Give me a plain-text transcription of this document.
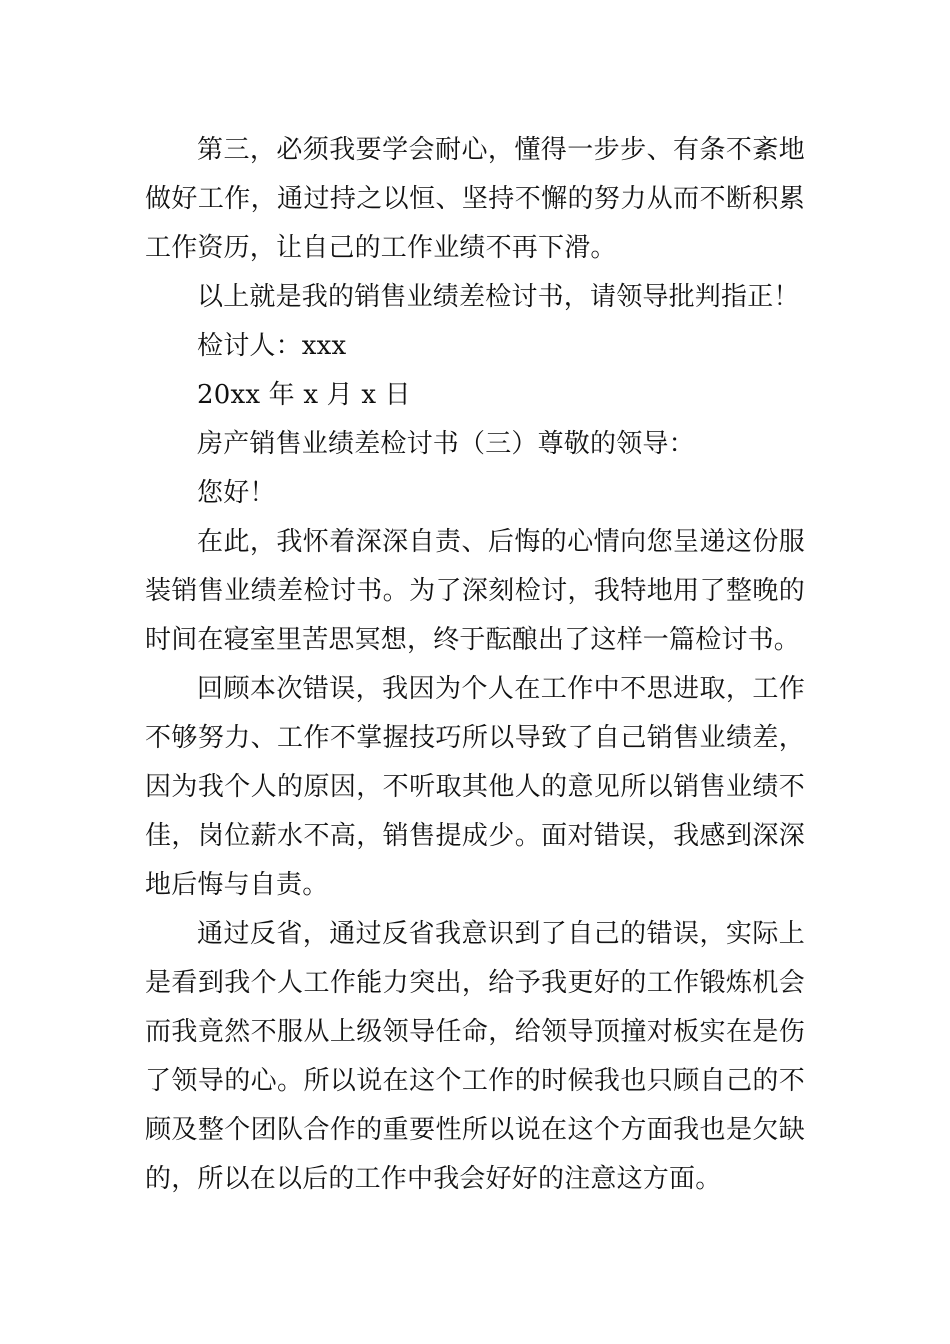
第三，必须我要学会耐心，懂得一步步、有条不紊地做好工作，通过持之以恒、坚持不懈的努力从而不断积累工作资历，让自己的工作业绩不再下滑。

以上就是我的销售业绩差检讨书，请领导批判指正！

检讨人：xxx

20xx 年 x 月 x 日

房产销售业绩差检讨书（三）尊敬的领导：

您好！

在此，我怀着深深自责、后悔的心情向您呈递这份服装销售业绩差检讨书。为了深刻检讨，我特地用了整晚的时间在寝室里苦思冥想，终于酝酿出了这样一篇检讨书。

回顾本次错误，我因为个人在工作中不思进取，工作不够努力、工作不掌握技巧所以导致了自己销售业绩差，因为我个人的原因，不听取其他人的意见所以销售业绩不佳，岗位薪水不高，销售提成少。面对错误，我感到深深地后悔与自责。

通过反省，通过反省我意识到了自己的错误，实际上是看到我个人工作能力突出，给予我更好的工作锻炼机会而我竟然不服从上级领导任命，给领导顶撞对板实在是伤了领导的心。所以说在这个工作的时候我也只顾自己的不顾及整个团队合作的重要性所以说在这个方面我也是欠缺的，所以在以后的工作中我会好好的注意这方面。
